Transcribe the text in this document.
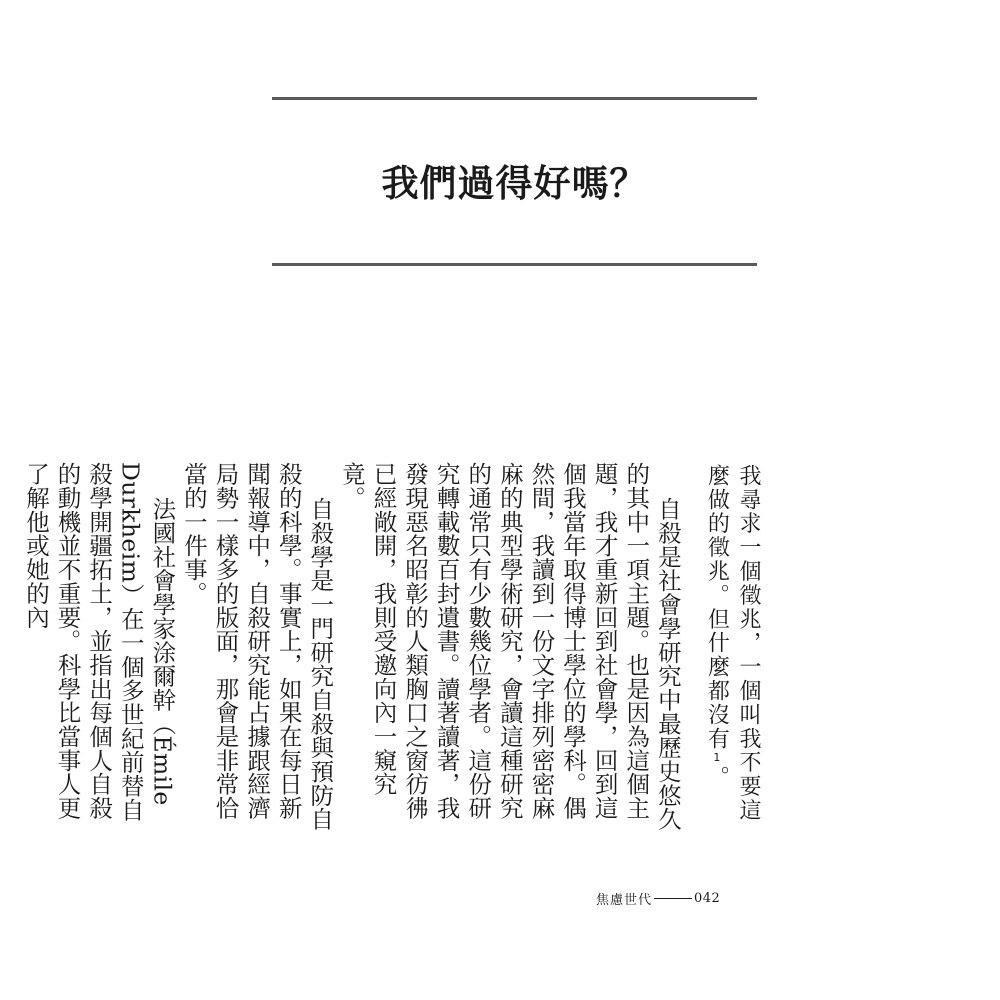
我們過得好嗎？

我尋求一個徵兆，一個叫我不要這麼做的徵兆。但什麼都沒有1。

自殺是社會學研究中最歷史悠久的其中一項主題。也是因為這個主題，我才重新回到社會學，回到這個我當年取得博士學位的學科。偶然間，我讀到一份文字排列密密麻麻的典型學術研究，會讀這種研究的通常只有少數幾位學者。這份研究轉載數百封遺書。讀著讀著，我發現惡名昭彰的人類胸口之窗彷彿已經敞開，我則受邀向內一窺究竟。

自殺學是一門研究自殺與預防自殺的科學。事實上，如果在每日新聞報導中，自殺研究能占據跟經濟局勢一樣多的版面，那會是非常恰當的一件事。

法國社會學家涂爾幹（Émile Durkheim）在一個多世紀前替自殺學開疆拓土，並指出每個人自殺的動機並不重要。科學比當事人更了解他或她的內

焦慮世代	042
